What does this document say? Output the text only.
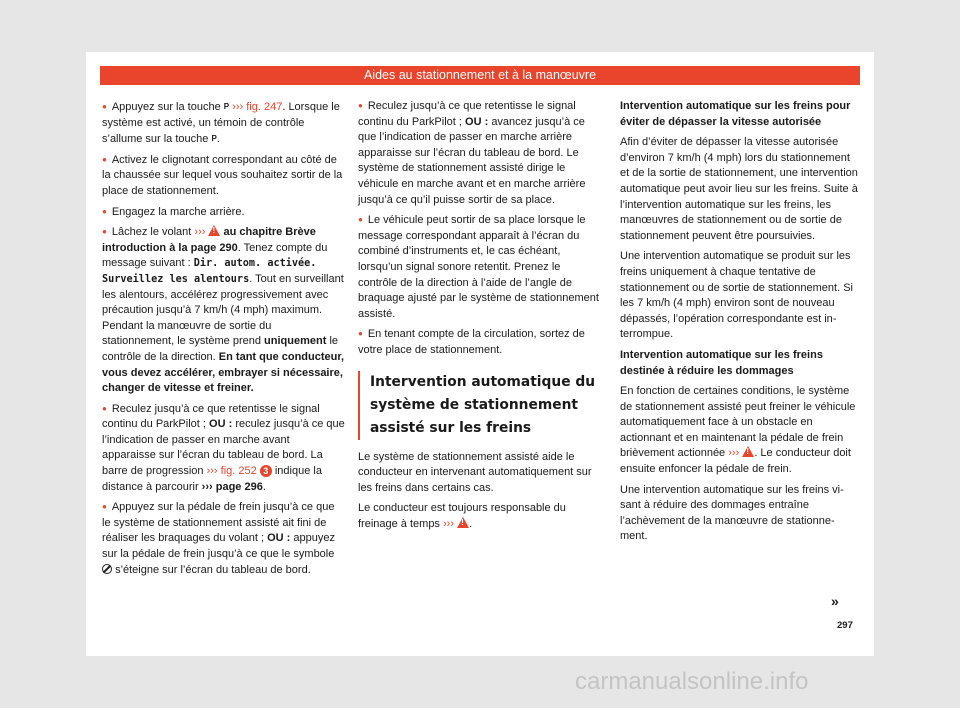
Aides au stationnement et à la manœuvre

● Appuyez sur la touche P ››› fig. 247. Lorsque le système est activé, un témoin de contrôle s’allume sur la touche P.

● Activez le clignotant correspondant au côté de la chaussée sur lequel vous souhaitez sortir de la place de stationnement.

● Engagez la marche arrière.

● Lâchez le volant ››› ! au chapitre Brève introduction à la page 290. Tenez compte du message suivant : Dir. autom. activée. Surveillez les alentours. Tout en surveillant les alentours, accélérez progressivement avec précaution jusqu’à 7 km/h (4 mph) maximum. Pendant la manœuvre de sortie du stationnement, le système prend uniquement le contrôle de la direction. En tant que conducteur, vous devez accélérer, embrayer si nécessaire, changer de vitesse et freiner.

● Reculez jusqu’à ce que retentisse le signal continu du ParkPilot ; OU : reculez jusqu’à ce que l’indication de passer en marche avant apparaisse sur l’écran du tableau de bord. La barre de progression ››› fig. 252 3 indique la distance à parcourir ››› page 296.

● Appuyez sur la pédale de frein jusqu’à ce que le système de stationnement assisté ait fini de réaliser les braquages du volant ; OU : appuyez sur la pédale de frein jusqu’à ce que le symbole  s’éteigne sur l’écran du tableau de bord.

● Reculez jusqu’à ce que retentisse le signal continu du ParkPilot ; OU : avancez jusqu’à ce que l’indication de passer en marche arrière apparaisse sur l’écran du tableau de bord. Le système de stationnement assisté dirige le véhicule en marche avant et en marche arrière jusqu’à ce qu’il puisse sortir de sa place.

● Le véhicule peut sortir de sa place lorsque le message correspondant apparaît à l’écran du combiné d’instruments et, le cas échéant, lorsqu’un signal sonore retentit. Prenez le contrôle de la direction à l’aide de l’angle de braquage ajusté par le système de stationnement assisté.

● En tenant compte de la circulation, sortez de votre place de stationnement.

Intervention automatique du système de stationnement assisté sur les freins

Le système de stationnement assisté aide le conducteur en intervenant automatiquement sur les freins dans certains cas.

Le conducteur est toujours responsable du freinage à temps ››› ! .

Intervention automatique sur les freins pour éviter de dépasser la vitesse autorisée

Afin d’éviter de dépasser la vitesse autorisée d’environ 7 km/h (4 mph) lors du stationnement et de la sortie de stationnement, une intervention automatique peut avoir lieu sur les freins. Suite à l’intervention automatique sur les freins, les manœuvres de stationnement ou de sortie de stationnement peuvent être poursuivies.

Une intervention automatique se produit sur les freins uniquement à chaque tentative de stationnement ou de sortie de stationnement. Si les 7 km/h (4 mph) environ sont de nouveau dépassés, l’opération correspondante est interrompue.

Intervention automatique sur les freins destinée à réduire les dommages

En fonction de certaines conditions, le système de stationnement assisté peut freiner le véhicule automatiquement face à un obstacle en actionnant et en maintenant la pédale de frein brièvement actionnée ››› ! . Le conducteur doit ensuite enfoncer la pédale de frein.

Une intervention automatique sur les freins visant à réduire des dommages entraîne l’achèvement de la manœuvre de stationnement.

»
297
carmanualsonline.info
